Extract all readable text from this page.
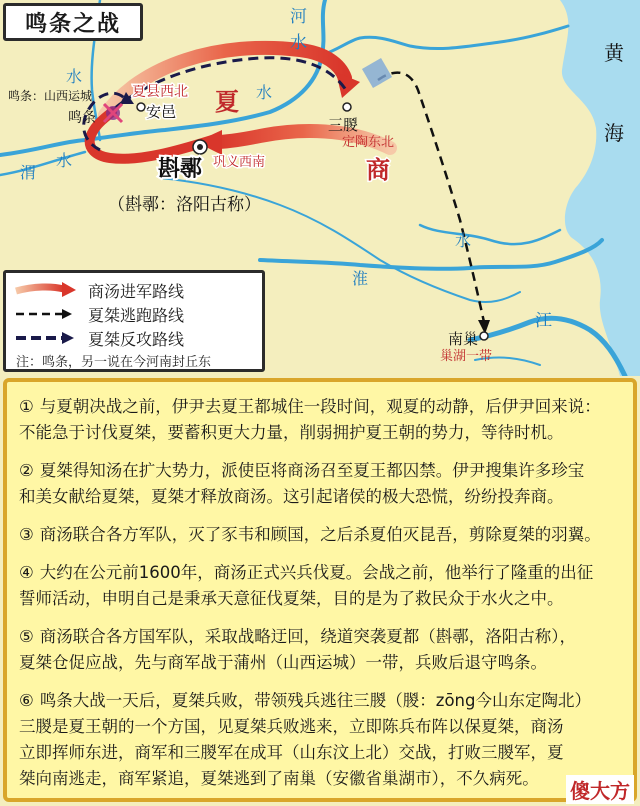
鸣条：山西运城
鸣条
夏县西北
安邑
斟鄩 巩义西南
（斟鄩：洛阳古称）
三朡
定陶东北
南巢
巢湖一带
夏
商
黄
海
河
水
水
水
渭
水
淮
水
江
鸣条之战
商汤进军路线
夏桀逃跑路线
夏桀反攻路线
注：鸣条，另一说在今河南封丘东
① 与夏朝决战之前，伊尹去夏王都城住一段时间，观夏的动静，后伊尹回来说：
不能急于讨伐夏桀，要蓄积更大力量，削弱拥护夏王朝的势力，等待时机。
② 夏桀得知汤在扩大势力，派使臣将商汤召至夏王都囚禁。伊尹搜集许多珍宝
和美女献给夏桀，夏桀才释放商汤。这引起诸侯的极大恐慌，纷纷投奔商。
③ 商汤联合各方军队，灭了豕韦和顾国，之后杀夏伯灭昆吾，剪除夏桀的羽翼。
④ 大约在公元前1600年，商汤正式兴兵伐夏。会战之前，他举行了隆重的出征
誓师活动，申明自己是秉承天意征伐夏桀，目的是为了救民众于水火之中。
⑤ 商汤联合各方国军队，采取战略迂回，绕道突袭夏都（斟鄩，洛阳古称），
夏桀仓促应战，先与商军战于蒲州（山西运城）一带，兵败后退守鸣条。
⑥ 鸣条大战一天后，夏桀兵败，带领残兵逃往三朡（朡：zōng今山东定陶北）
三朡是夏王朝的一个方国，见夏桀兵败逃来，立即陈兵布阵以保夏桀，商汤
立即挥师东进，商军和三朡军在成耳（山东汶上北）交战，打败三朡军，夏
桀向南逃走，商军紧追，夏桀逃到了南巢（安徽省巢湖市），不久病死。
傻大方
